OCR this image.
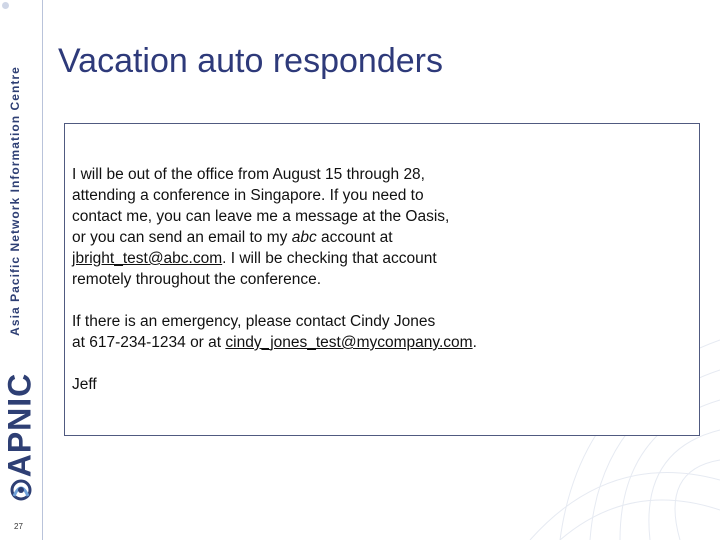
Asia Pacific Network Information Centre
APNIC
27
Vacation auto responders

I will be out of the office from August 15 through 28,

attending a conference in Singapore. If you need to

contact me, you can leave me a message at the Oasis,

or you can send an email to my abc account at

jbright_test@abc.com. I will be checking that account

remotely throughout the conference.

If there is an emergency, please contact Cindy Jones

at 617-234-1234 or at cindy_jones_test@mycompany.com.

Jeff
